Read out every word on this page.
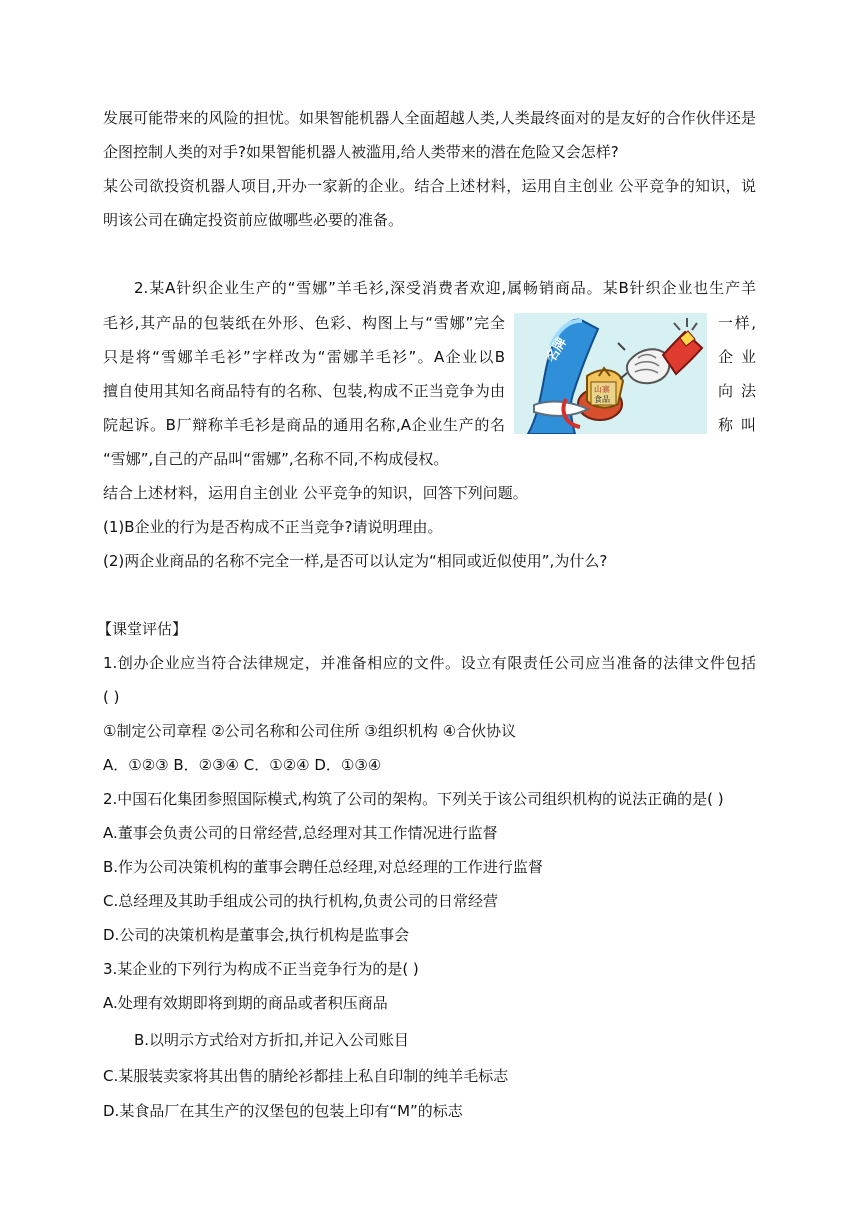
发展可能带来的风险的担忧。如果智能机器人全面超越人类,人类最终面对的是友好的合作伙伴还是
企图控制人类的对手?如果智能机器人被滥用,给人类带来的潜在危险又会怎样?
某公司欲投资机器人项目,开办一家新的企业。结合上述材料，运用自主创业 公平竞争的知识，说
明该公司在确定投资前应做哪些必要的准备。
2.某A针织企业生产的“雪娜”羊毛衫,深受消费者欢迎,属畅销商品。某B针织企业也生产羊
毛衫,其产品的包装纸在外形、色彩、构图上与“雪娜”完全	一样,
只是将“雪娜羊毛衫”字样改为“雷娜羊毛衫”。A企业以B	企 业
擅自使用其知名商品特有的名称、包装,构成不正当竞争为由	向 法
院起诉。B厂辩称羊毛衫是商品的通用名称,A企业生产的名	称 叫
“雪娜”,自己的产品叫“雷娜”,名称不同,不构成侵权。
结合上述材料，运用自主创业 公平竞争的知识，回答下列问题。
(1)B企业的行为是否构成不正当竞争?请说明理由。
(2)两企业商品的名称不完全一样,是否可以认定为“相同或近似使用”,为什么?
名牌
山寨
食品
【课堂评估】
1.创办企业应当符合法律规定，并准备相应的文件。设立有限责任公司应当准备的法律文件包括
( )
①制定公司章程 ②公司名称和公司住所 ③组织机构 ④合伙协议
A．①②③ B．②③④ C．①②④ D．①③④
2.中国石化集团参照国际模式,构筑了公司的架构。下列关于该公司组织机构的说法正确的是( )
A.董事会负责公司的日常经营,总经理对其工作情况进行监督
B.作为公司决策机构的董事会聘任总经理,对总经理的工作进行监督
C.总经理及其助手组成公司的执行机构,负责公司的日常经营
D.公司的决策机构是董事会,执行机构是监事会
3.某企业的下列行为构成不正当竞争行为的是( )
A.处理有效期即将到期的商品或者积压商品
B.以明示方式给对方折扣,并记入公司账目
C.某服装卖家将其出售的腈纶衫都挂上私自印制的纯羊毛标志
D.某食品厂在其生产的汉堡包的包装上印有“M”的标志
